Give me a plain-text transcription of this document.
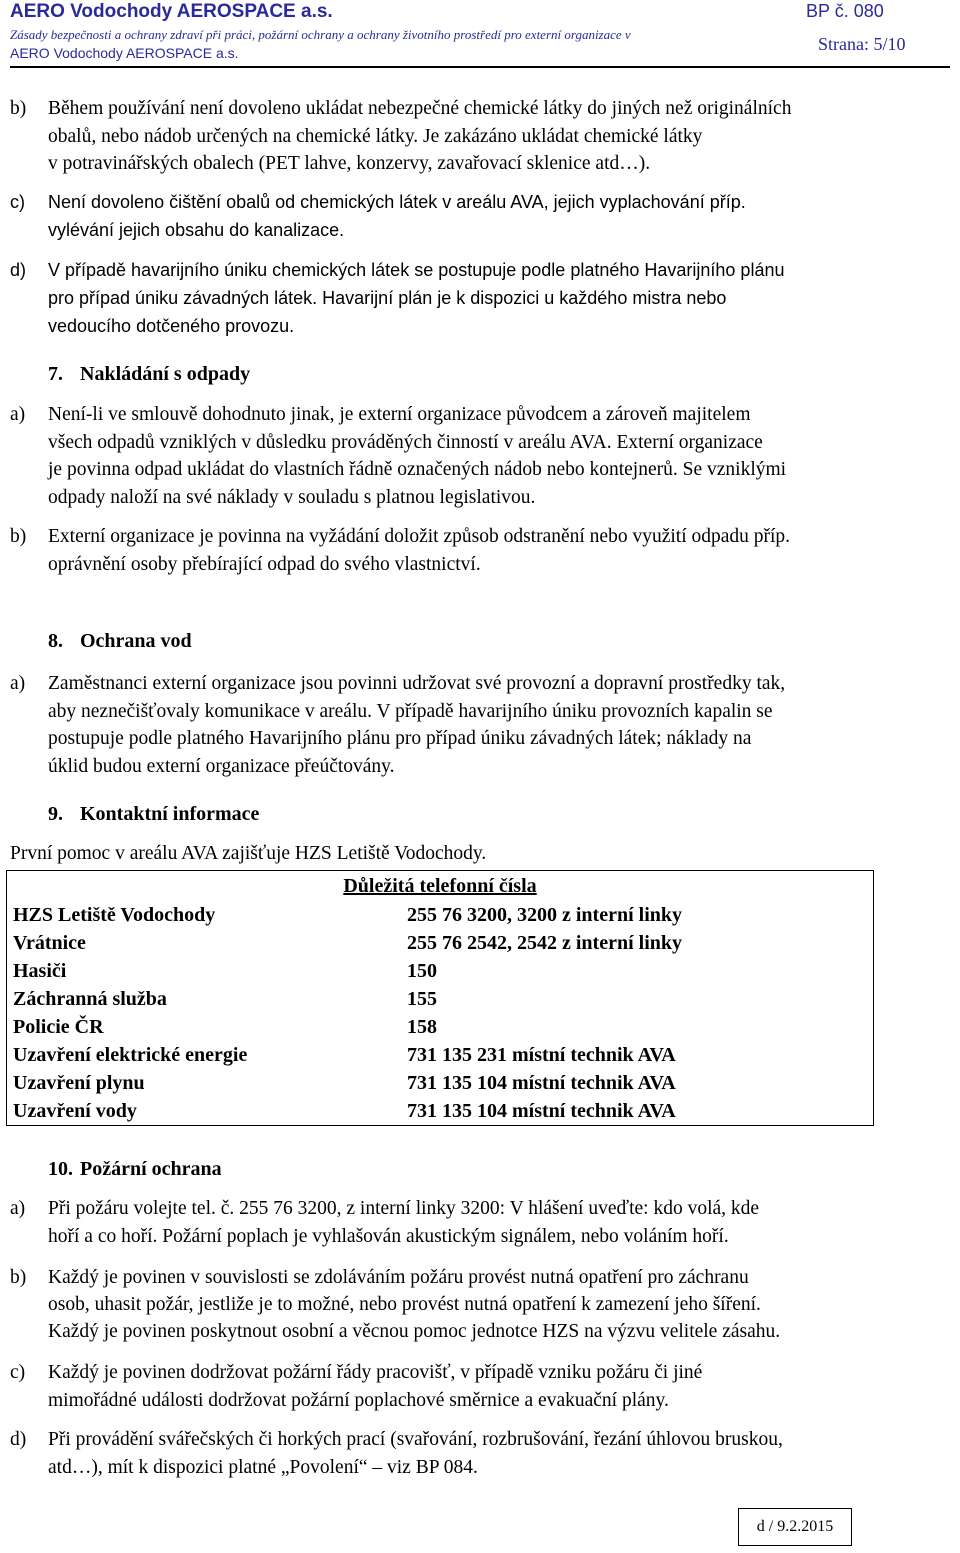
AERO Vodochody AEROSPACE a.s.
Zásady bezpečnosti a ochrany zdraví při práci, požární ochrany a ochrany životního prostředí pro externí organizace v
AERO Vodochody AEROSPACE a.s.
BP č. 080
Strana: 5/10
b) Během používání není dovoleno ukládat nebezpečné chemické látky do jiných než originálních
obalů, nebo nádob určených na chemické látky. Je zakázáno ukládat chemické látky
v potravinářských obalech (PET lahve, konzervy, zavařovací sklenice atd…).
c) Není dovoleno čištění obalů od chemických látek v areálu AVA, jejich vyplachování příp.
vylévání jejich obsahu do kanalizace.
d) V případě havarijního úniku chemických látek se postupuje podle platného Havarijního plánu
pro případ úniku závadných látek. Havarijní plán je k dispozici u každého mistra nebo
vedoucího dotčeného provozu.
7. Nakládání s odpady
a) Není-li ve smlouvě dohodnuto jinak, je externí organizace původcem a zároveň majitelem
všech odpadů vzniklých v důsledku prováděných činností v areálu AVA. Externí organizace
je povinna odpad ukládat do vlastních řádně označených nádob nebo kontejnerů. Se vzniklými
odpady naloží na své náklady v souladu s platnou legislativou.
b) Externí organizace je povinna na vyžádání doložit způsob odstranění nebo využití odpadu příp.
oprávnění osoby přebírající odpad do svého vlastnictví.
8. Ochrana vod
a) Zaměstnanci externí organizace jsou povinni udržovat své provozní a dopravní prostředky tak,
aby neznečišťovaly komunikace v areálu. V případě havarijního úniku provozních kapalin se
postupuje podle platného Havarijního plánu pro případ úniku závadných látek; náklady na
úklid budou externí organizace přeúčtovány.
9. Kontaktní informace
První pomoc v areálu AVA zajišťuje HZS Letiště Vodochody.
Důležitá telefonní čísla	
HZS Letiště Vodochody	255 76 3200, 3200 z interní linky
Vrátnice	255 76 2542, 2542 z interní linky
Hasiči	150
Záchranná služba	155
Policie ČR	158
Uzavření elektrické energie	731 135 231 místní technik AVA
Uzavření plynu	731 135 104 místní technik AVA
Uzavření vody	731 135 104 místní technik AVA
10. Požární ochrana
a) Při požáru volejte tel. č. 255 76 3200, z interní linky 3200: V hlášení uveďte: kdo volá, kde
hoří a co hoří. Požární poplach je vyhlašován akustickým signálem, nebo voláním hoří.
b) Každý je povinen v souvislosti se zdoláváním požáru provést nutná opatření pro záchranu
osob, uhasit požár, jestliže je to možné, nebo provést nutná opatření k zamezení jeho šíření.
Každý je povinen poskytnout osobní a věcnou pomoc jednotce HZS na výzvu velitele zásahu.
c) Každý je povinen dodržovat požární řády pracovišť, v případě vzniku požáru či jiné
mimořádné události dodržovat požární poplachové směrnice a evakuační plány.
d) Při provádění svářečských či horkých prací (svařování, rozbrušování, řezání úhlovou bruskou,
atd…), mít k dispozici platné „Povolení“ – viz BP 084.
d / 9.2.2015
